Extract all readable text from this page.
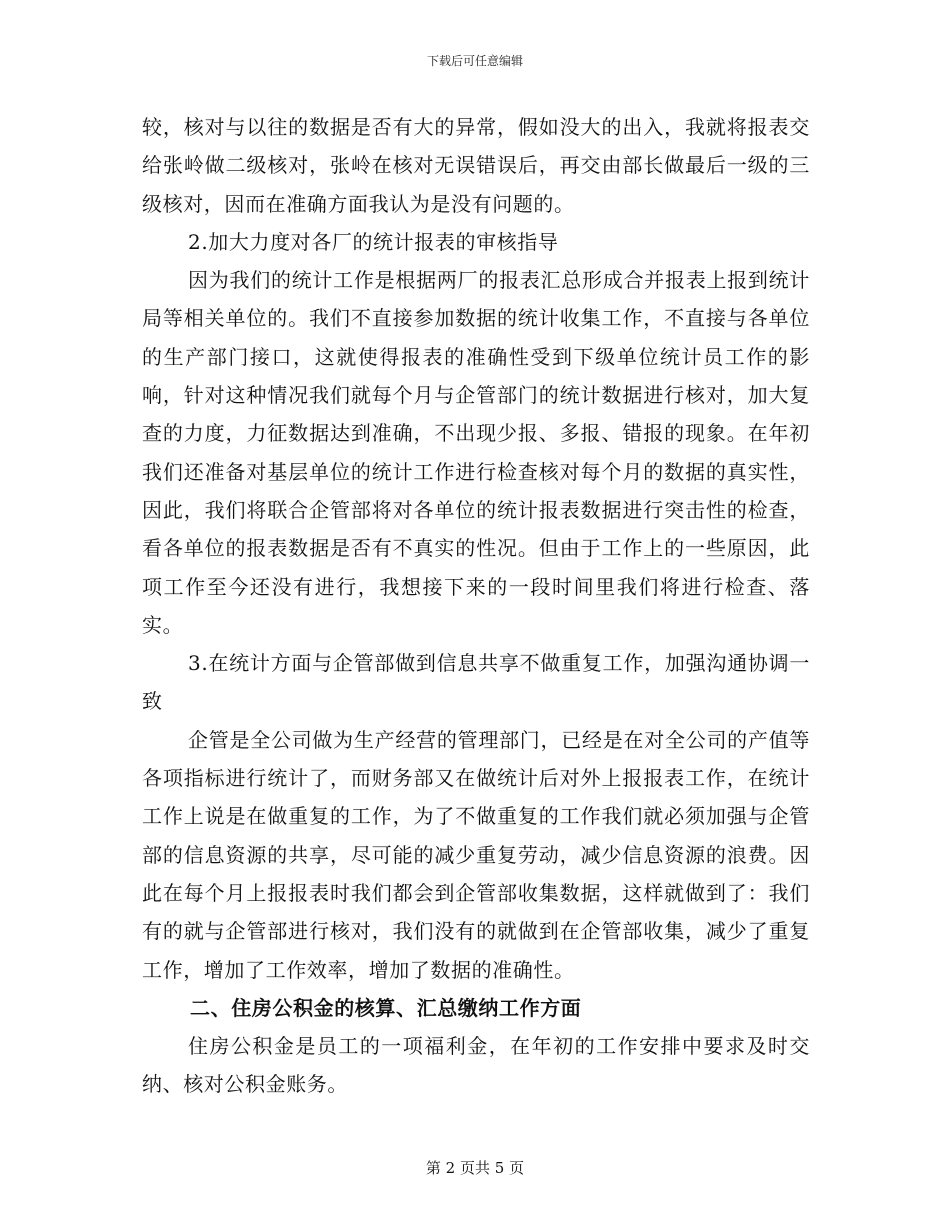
下载后可任意编辑

较，核对与以往的数据是否有大的异常，假如没大的出入，我就将报表交给张岭做二级核对，张岭在核对无误错误后，再交由部长做最后一级的三级核对，因而在准确方面我认为是没有问题的。

2.加大力度对各厂的统计报表的审核指导

因为我们的统计工作是根据两厂的报表汇总形成合并报表上报到统计局等相关单位的。我们不直接参加数据的统计收集工作，不直接与各单位的生产部门接口，这就使得报表的准确性受到下级单位统计员工作的影响，针对这种情况我们就每个月与企管部门的统计数据进行核对，加大复查的力度，力征数据达到准确，不出现少报、多报、错报的现象。在年初我们还准备对基层单位的统计工作进行检查核对每个月的数据的真实性，因此，我们将联合企管部将对各单位的统计报表数据进行突击性的检查，看各单位的报表数据是否有不真实的性况。但由于工作上的一些原因，此项工作至今还没有进行，我想接下来的一段时间里我们将进行检查、落实。

3.在统计方面与企管部做到信息共享不做重复工作，加强沟通协调一致

企管是全公司做为生产经营的管理部门，已经是在对全公司的产值等各项指标进行统计了，而财务部又在做统计后对外上报报表工作，在统计工作上说是在做重复的工作，为了不做重复的工作我们就必须加强与企管部的信息资源的共享，尽可能的减少重复劳动，减少信息资源的浪费。因此在每个月上报报表时我们都会到企管部收集数据，这样就做到了：我们有的就与企管部进行核对，我们没有的就做到在企管部收集，减少了重复工作，增加了工作效率，增加了数据的准确性。

二、住房公积金的核算、汇总缴纳工作方面

住房公积金是员工的一项福利金，在年初的工作安排中要求及时交纳、核对公积金账务。

第 2 页共 5 页
